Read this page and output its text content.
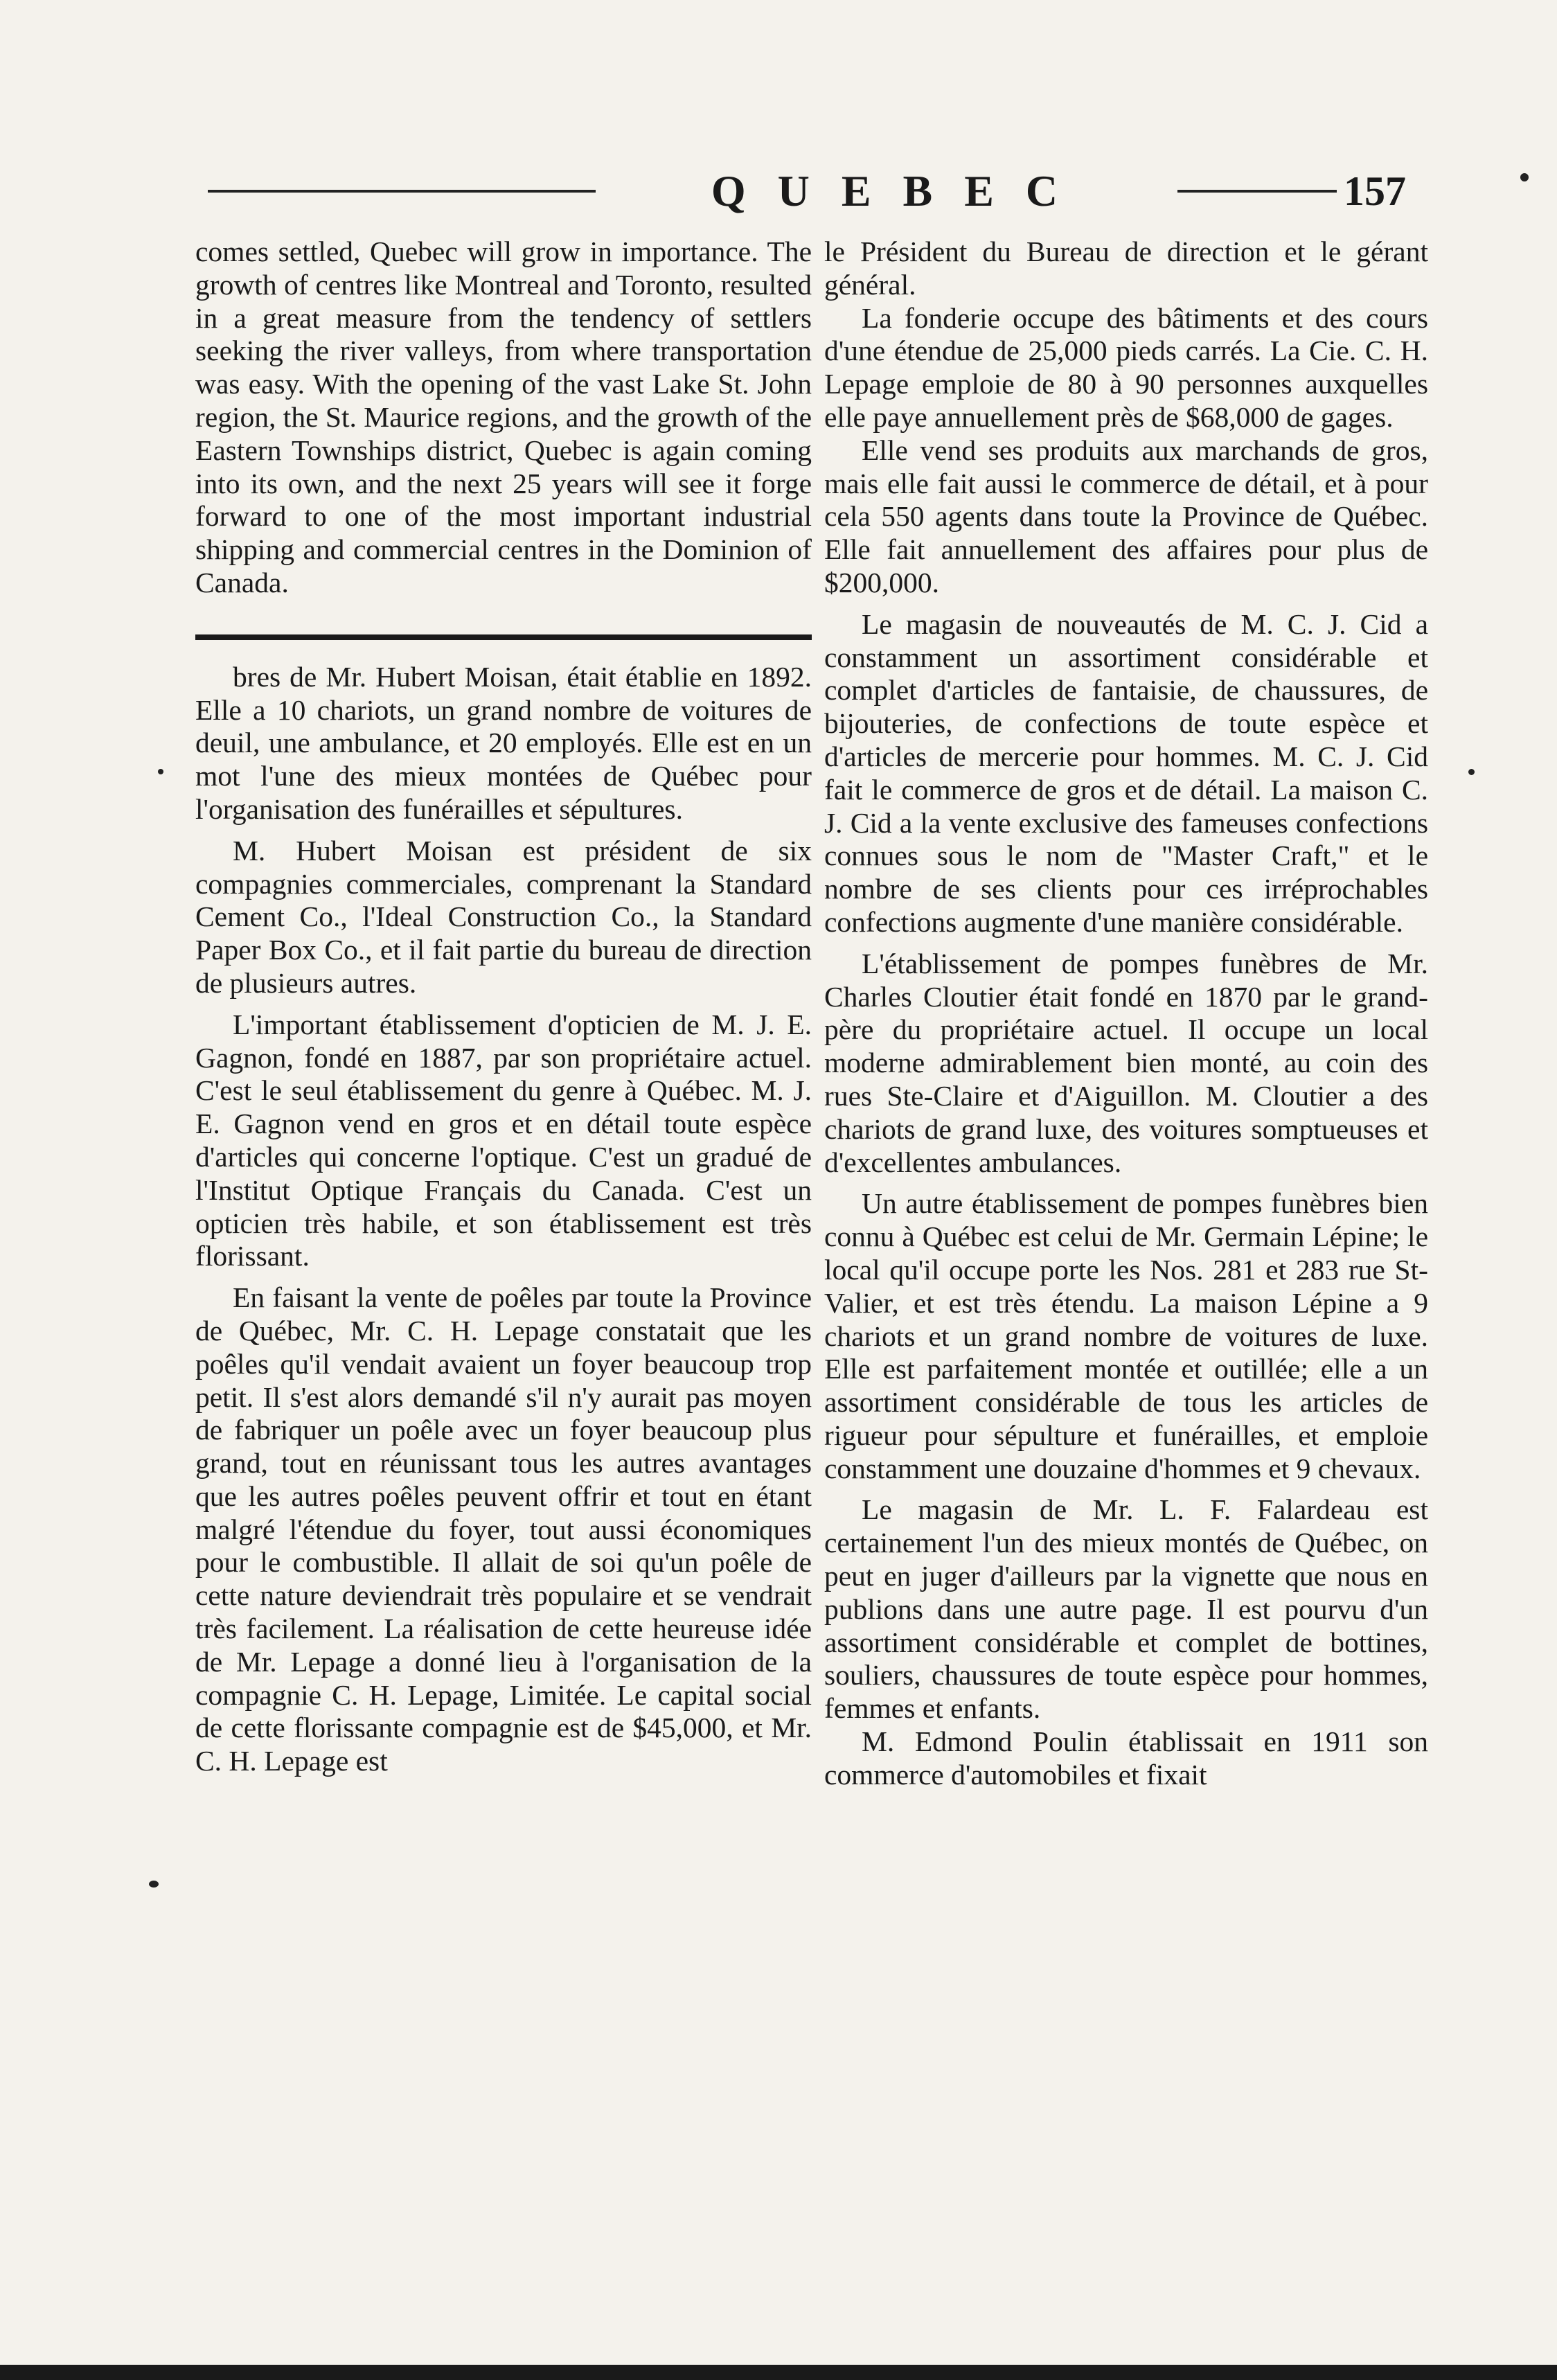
QUEBEC	157

comes settled, Quebec will grow in importance. The growth of centres like Montreal and Toronto, resulted in a great measure from the tendency of settlers seeking the river valleys, from where transportation was easy. With the opening of the vast Lake St. John region, the St. Maurice regions, and the growth of the Eastern Townships district, Quebec is again coming into its own, and the next 25 years will see it forge forward to one of the most important industrial shipping and commercial centres in the Dominion of Canada.

bres de Mr. Hubert Moisan, était établie en 1892. Elle a 10 chariots, un grand nombre de voitures de deuil, une ambulance, et 20 employés. Elle est en un mot l'une des mieux montées de Québec pour l'organisation des funérailles et sépultures.

M. Hubert Moisan est président de six compagnies commerciales, comprenant la Standard Cement Co., l'Ideal Construction Co., la Standard Paper Box Co., et il fait partie du bureau de direction de plusieurs autres.

L'important établissement d'opticien de M. J. E. Gagnon, fondé en 1887, par son propriétaire actuel. C'est le seul établissement du genre à Québec. M. J. E. Gagnon vend en gros et en détail toute espèce d'articles qui concerne l'optique. C'est un gradué de l'Institut Optique Français du Canada. C'est un opticien très habile, et son établissement est très florissant.

En faisant la vente de poêles par toute la Province de Québec, Mr. C. H. Lepage constatait que les poêles qu'il vendait avaient un foyer beaucoup trop petit. Il s'est alors demandé s'il n'y aurait pas moyen de fabriquer un poêle avec un foyer beaucoup plus grand, tout en réunissant tous les autres avantages que les autres poêles peuvent offrir et tout en étant malgré l'étendue du foyer, tout aussi économiques pour le combustible. Il allait de soi qu'un poêle de cette nature deviendrait très populaire et se vendrait très facilement. La réalisation de cette heureuse idée de Mr. Lepage a donné lieu à l'organisation de la compagnie C. H. Lepage, Limitée. Le capital social de cette florissante compagnie est de $45,000, et Mr. C. H. Lepage est

le Président du Bureau de direction et le gérant général.

La fonderie occupe des bâtiments et des cours d'une étendue de 25,000 pieds carrés. La Cie. C. H. Lepage emploie de 80 à 90 personnes auxquelles elle paye annuellement près de $68,000 de gages.

Elle vend ses produits aux marchands de gros, mais elle fait aussi le commerce de détail, et à pour cela 550 agents dans toute la Province de Québec. Elle fait annuellement des affaires pour plus de $200,000.

Le magasin de nouveautés de M. C. J. Cid a constamment un assortiment considérable et complet d'articles de fantaisie, de chaussures, de bijouteries, de confections de toute espèce et d'articles de mercerie pour hommes. M. C. J. Cid fait le commerce de gros et de détail. La maison C. J. Cid a la vente exclusive des fameuses confections connues sous le nom de "Master Craft," et le nombre de ses clients pour ces irréprochables confections augmente d'une manière considérable.

L'établissement de pompes funèbres de Mr. Charles Cloutier était fondé en 1870 par le grand-père du propriétaire actuel. Il occupe un local moderne admirablement bien monté, au coin des rues Ste-Claire et d'Aiguillon. M. Cloutier a des chariots de grand luxe, des voitures somptueuses et d'excellentes ambulances.

Un autre établissement de pompes funèbres bien connu à Québec est celui de Mr. Germain Lépine; le local qu'il occupe porte les Nos. 281 et 283 rue St-Valier, et est très étendu. La maison Lépine a 9 chariots et un grand nombre de voitures de luxe. Elle est parfaitement montée et outillée; elle a un assortiment considérable de tous les articles de rigueur pour sépulture et funérailles, et emploie constamment une douzaine d'hommes et 9 chevaux.

Le magasin de Mr. L. F. Falardeau est certainement l'un des mieux montés de Québec, on peut en juger d'ailleurs par la vignette que nous en publions dans une autre page. Il est pourvu d'un assortiment considérable et complet de bottines, souliers, chaussures de toute espèce pour hommes, femmes et enfants.

M. Edmond Poulin établissait en 1911 son commerce d'automobiles et fixait
